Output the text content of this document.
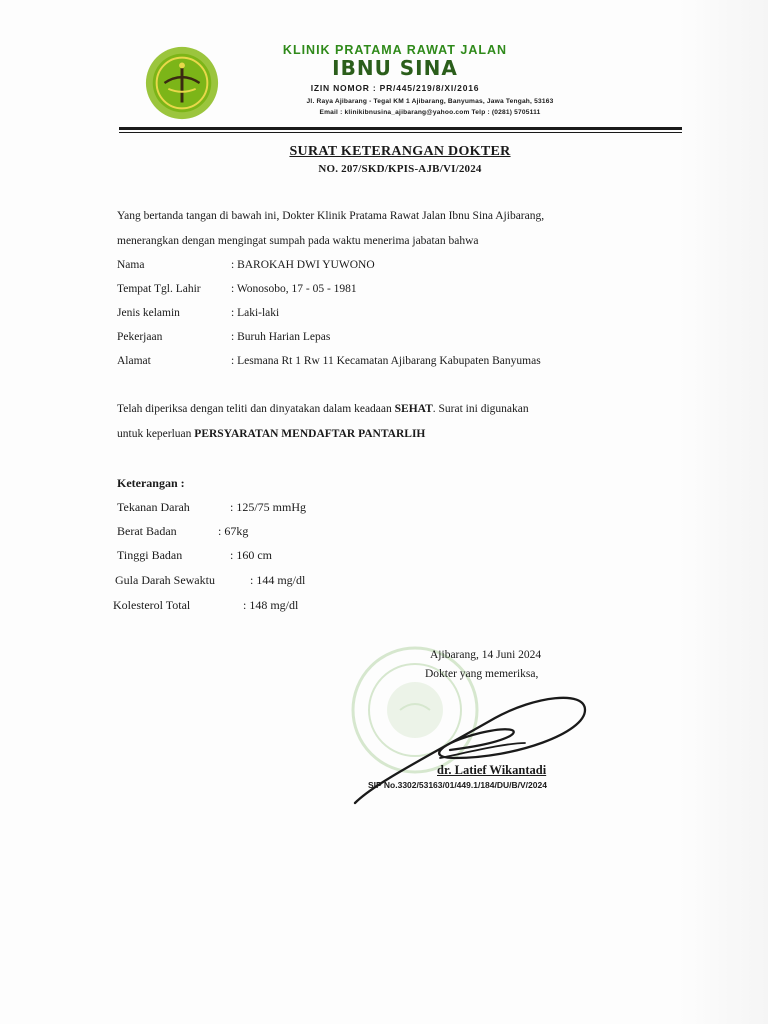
KLINIK PRATAMA RAWAT JALAN
IBNU SINA
IZIN NOMOR : PR/445/219/8/XI/2016
Jl. Raya Ajibarang - Tegal KM 1 Ajibarang, Banyumas, Jawa Tengah, 53163
Email : klinikibnusina_ajibarang@yahoo.com Telp : (0281) 5705111
SURAT KETERANGAN DOKTER
NO. 207/SKD/KPIS-AJB/VI/2024
Yang bertanda tangan di bawah ini, Dokter Klinik Pratama Rawat Jalan Ibnu Sina Ajibarang,
menerangkan dengan mengingat sumpah pada waktu menerima jabatan bahwa
Nama	: BAROKAH DWI YUWONO
Tempat Tgl. Lahir	: Wonosobo, 17 - 05 - 1981
Jenis kelamin	: Laki-laki
Pekerjaan	: Buruh Harian Lepas
Alamat	: Lesmana Rt 1 Rw 11 Kecamatan Ajibarang Kabupaten Banyumas
Telah diperiksa dengan teliti dan dinyatakan dalam keadaan SEHAT. Surat ini digunakan
untuk keperluan PERSYARATAN MENDAFTAR PANTARLIH
Keterangan :
Tekanan Darah	: 125/75 mmHg
Berat Badan	: 67kg
Tinggi Badan	: 160 cm
Gula Darah Sewaktu	: 144 mg/dl
Kolesterol Total	: 148 mg/dl
Ajibarang, 14 Juni 2024
Dokter yang memeriksa,
dr. Latief Wikantadi
SIP No.3302/53163/01/449.1/184/DU/B/V/2024
